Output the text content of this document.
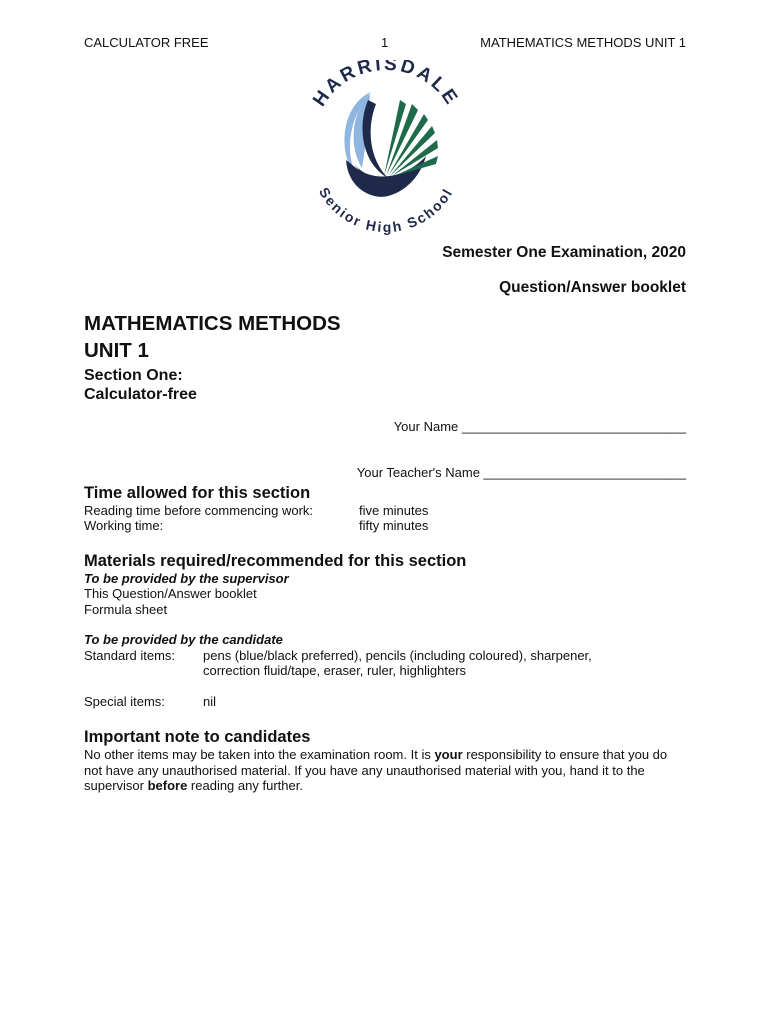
CALCULATOR FREE	1	MATHEMATICS METHODS UNIT 1
HARRISDALE
Senior High School
Semester One Examination, 2020
Question/Answer booklet
MATHEMATICS METHODS
UNIT 1
Section One:
Calculator-free
Your Name _______________________________
Your Teacher's Name ____________________________
Time allowed for this section
Reading time before commencing work:	five minutes
Working time:	fifty minutes
Materials required/recommended for this section
To be provided by the supervisor
This Question/Answer booklet
Formula sheet
To be provided by the candidate
Standard items: pens (blue/black preferred), pencils (including coloured), sharpener,
correction fluid/tape, eraser, ruler, highlighters
Special items:	nil
Important note to candidates
No other items may be taken into the examination room. It is your responsibility to ensure that you do not have any unauthorised material. If you have any unauthorised material with you, hand it to the supervisor before reading any further.
